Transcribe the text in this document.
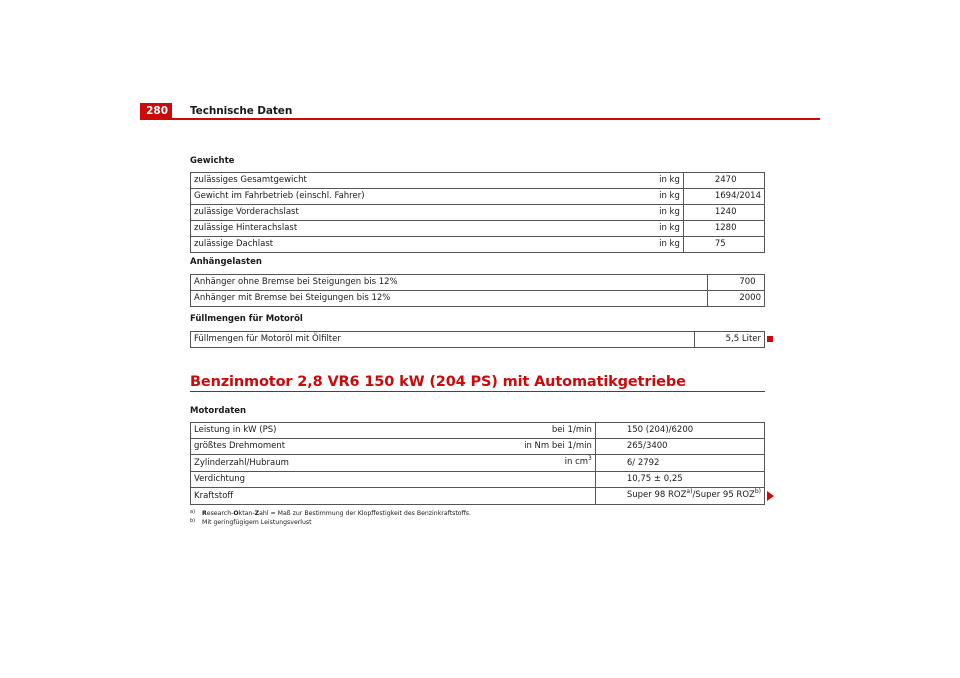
280	Technische Daten
Gewichte
zulässiges Gesamtgewicht	in kg	2470
Gewicht im Fahrbetrieb (einschl. Fahrer)	in kg	1694/2014
zulässige Vorderachslast	in kg	1240
zulässige Hinterachslast	in kg	1280
zulässige Dachlast	in kg	75
Anhängelasten
Anhänger ohne Bremse bei Steigungen bis 12%		700
Anhänger mit Bremse bei Steigungen bis 12%		2000
Füllmengen für Motoröl
Füllmengen für Motoröl mit Ölfilter		5,5 Liter
Benzinmotor 2,8 VR6 150 kW (204 PS) mit Automatikgetriebe
Motordaten
Leistung in kW (PS)	bei 1/min	150 (204)/6200
größtes Drehmoment	in Nm bei 1/min	265/3400
Zylinderzahl/Hubraum	in $cm^3$	6/ 2792
Verdichtung		10,75 ± 0,25
Kraftstoff		Super 98 ROZ$^{a)}$/Super 95 ROZ$^{b)}$
a)	Research-Oktan-Zahl = Maß zur Bestimmung der Klopffestigkeit des Benzinkraftstoffs.
b)	Mit geringfügigem Leistungsverlust
